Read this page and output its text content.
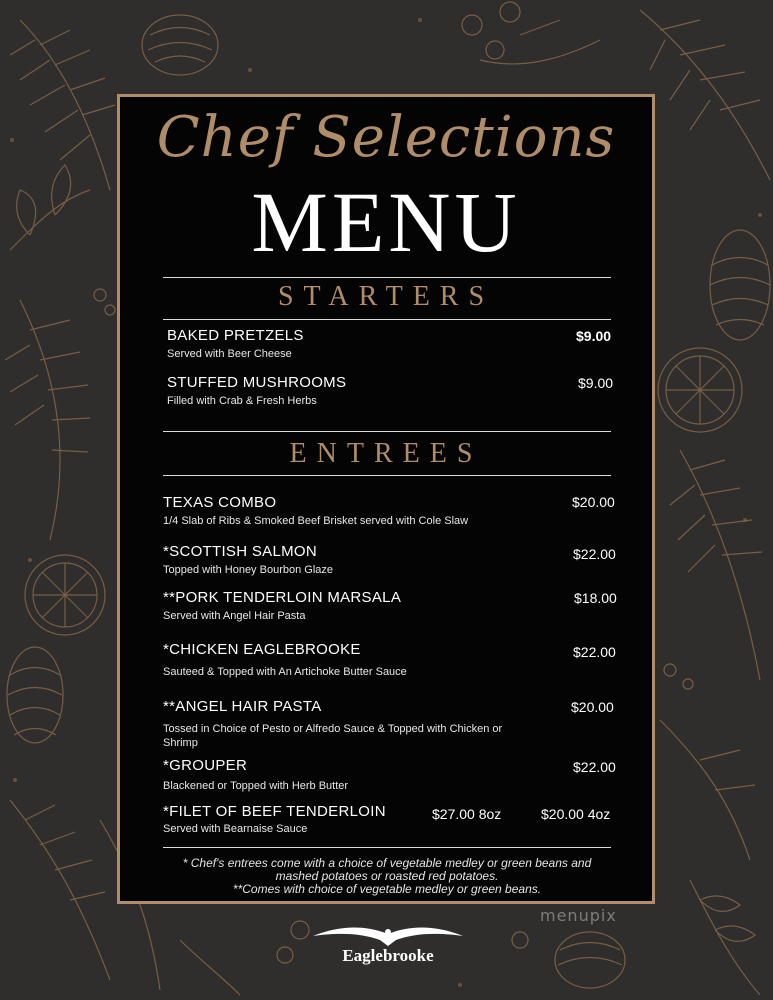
Chef Selections
MENU
STARTERS
BAKED PRETZELS
Served with Beer Cheese
$9.00
STUFFED MUSHROOMS
Filled with Crab & Fresh Herbs
$9.00
ENTREES
TEXAS COMBO
1/4 Slab of Ribs & Smoked Beef Brisket served with Cole Slaw
$20.00
*SCOTTISH SALMON
Topped with Honey Bourbon Glaze
$22.00
**PORK TENDERLOIN MARSALA
Served with Angel Hair Pasta
$18.00
*CHICKEN EAGLEBROOKE
Sauteed & Topped with An Artichoke Butter Sauce
$22.00
**ANGEL HAIR PASTA
Tossed in Choice of Pesto or Alfredo Sauce & Topped with Chicken or Shrimp
$20.00
*GROUPER
Blackened or Topped with Herb Butter
$22.00
*FILET OF BEEF TENDERLOIN
Served with Bearnaise Sauce
$27.00 8oz	$20.00 4oz
* Chef's entrees come with a choice of vegetable medley or green beans and mashed potatoes or roasted red potatoes.
**Comes with choice of vegetable medley or green beans.
Eaglebrooke
menupix
